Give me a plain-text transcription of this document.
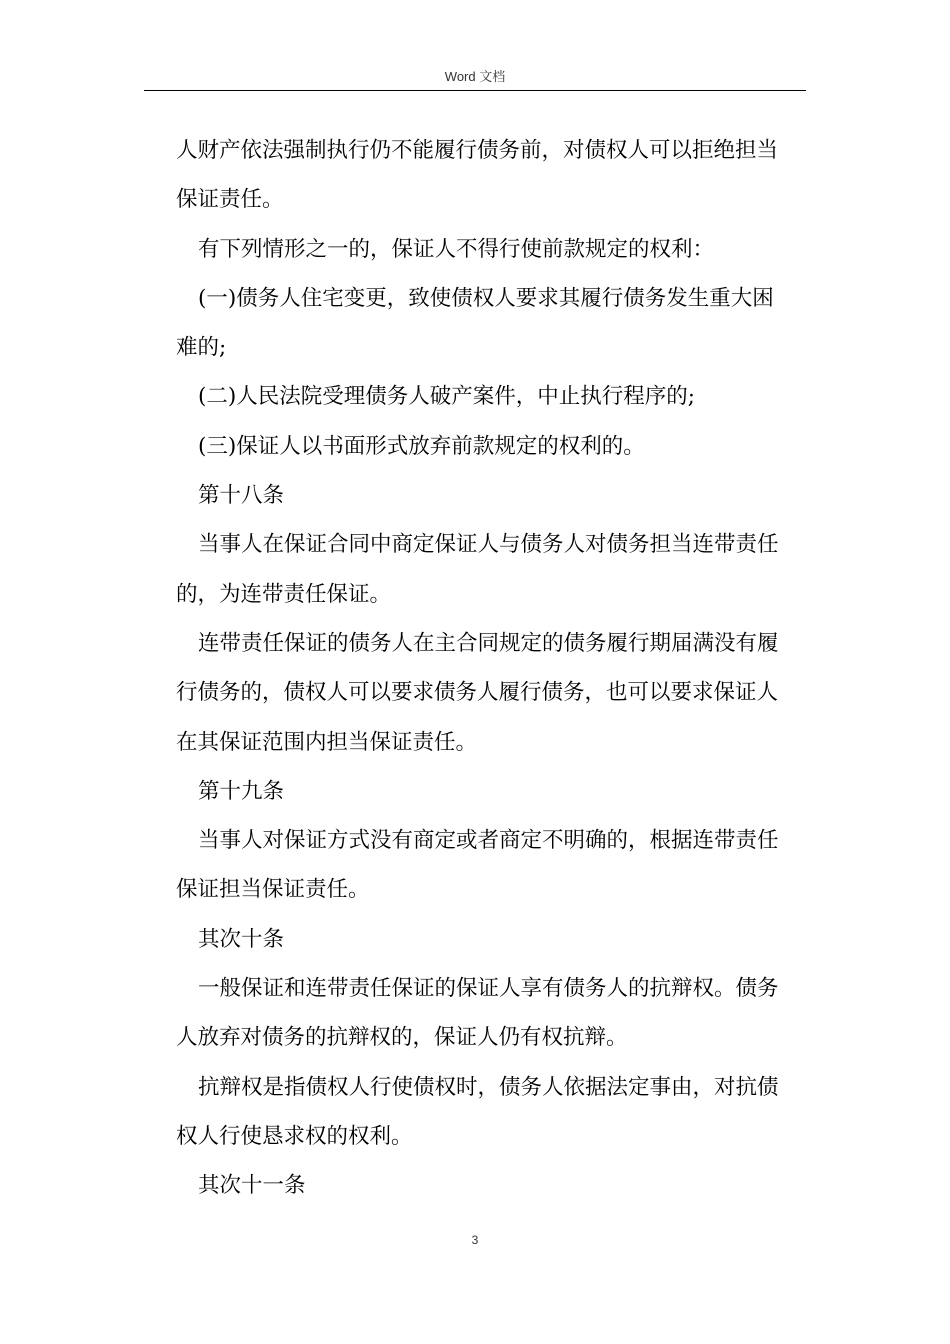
Word 文档

人财产依法强制执行仍不能履行债务前，对债权人可以拒绝担当

保证责任。

有下列情形之一的，保证人不得行使前款规定的权利：

(一)债务人住宅变更，致使债权人要求其履行债务发生重大困

难的;

(二)人民法院受理债务人破产案件，中止执行程序的;

(三)保证人以书面形式放弃前款规定的权利的。

第十八条

当事人在保证合同中商定保证人与债务人对债务担当连带责任

的，为连带责任保证。

连带责任保证的债务人在主合同规定的债务履行期届满没有履

行债务的，债权人可以要求债务人履行债务，也可以要求保证人

在其保证范围内担当保证责任。

第十九条

当事人对保证方式没有商定或者商定不明确的，根据连带责任

保证担当保证责任。

其次十条

一般保证和连带责任保证的保证人享有债务人的抗辩权。债务

人放弃对债务的抗辩权的，保证人仍有权抗辩。

抗辩权是指债权人行使债权时，债务人依据法定事由，对抗债

权人行使恳求权的权利。

其次十一条

3
